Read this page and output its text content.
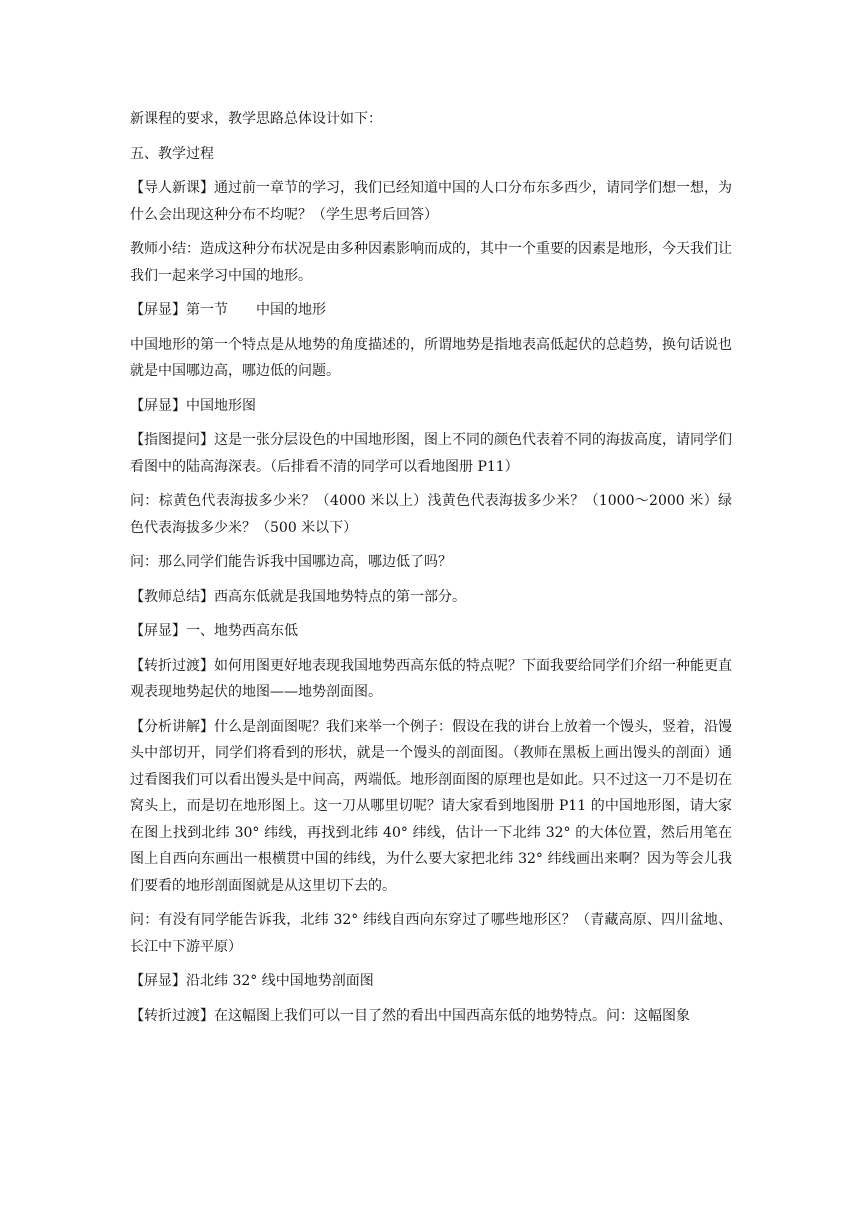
新课程的要求，教学思路总体设计如下：

五、教学过程

【导人新课】通过前一章节的学习，我们已经知道中国的人口分布东多西少，请同学们想一想，为什么会出现这种分布不均呢？（学生思考后回答）

教师小结：造成这种分布状况是由多种因素影响而成的，其中一个重要的因素是地形，今天我们让我们一起来学习中国的地形。

【屏显】第一节　　中国的地形

中国地形的第一个特点是从地势的角度描述的，所谓地势是指地表高低起伏的总趋势，换句话说也就是中国哪边高，哪边低的问题。

【屏显】中国地形图

【指图提问】这是一张分层设色的中国地形图，图上不同的颜色代表着不同的海拔高度，请同学们看图中的陆高海深表。（后排看不清的同学可以看地图册 P11）

问：棕黄色代表海拔多少米？（4000 米以上）浅黄色代表海拔多少米？（1000～2000 米）绿色代表海拔多少米？（500 米以下）

问：那么同学们能告诉我中国哪边高，哪边低了吗？

【教师总结】西高东低就是我国地势特点的第一部分。

【屏显】一、地势西高东低

【转折过渡】如何用图更好地表现我国地势西高东低的特点呢？下面我要给同学们介绍一种能更直观表现地势起伏的地图——地势剖面图。

【分析讲解】什么是剖面图呢？我们来举一个例子：假设在我的讲台上放着一个馒头，竖着，沿馒头中部切开，同学们将看到的形状，就是一个馒头的剖面图。（教师在黑板上画出馒头的剖面）通过看图我们可以看出馒头是中间高，两端低。地形剖面图的原理也是如此。只不过这一刀不是切在窝头上，而是切在地形图上。这一刀从哪里切呢？请大家看到地图册 P11 的中国地形图，请大家在图上找到北纬 30° 纬线，再找到北纬 40° 纬线，估计一下北纬 32° 的大体位置，然后用笔在图上自西向东画出一根横贯中国的纬线，为什么要大家把北纬 32° 纬线画出来啊？因为等会儿我们要看的地形剖面图就是从这里切下去的。

问：有没有同学能告诉我，北纬 32° 纬线自西向东穿过了哪些地形区？（青藏高原、四川盆地、长江中下游平原）

【屏显】沿北纬 32° 线中国地势剖面图

【转折过渡】在这幅图上我们可以一目了然的看出中国西高东低的地势特点。问：这幅图象
